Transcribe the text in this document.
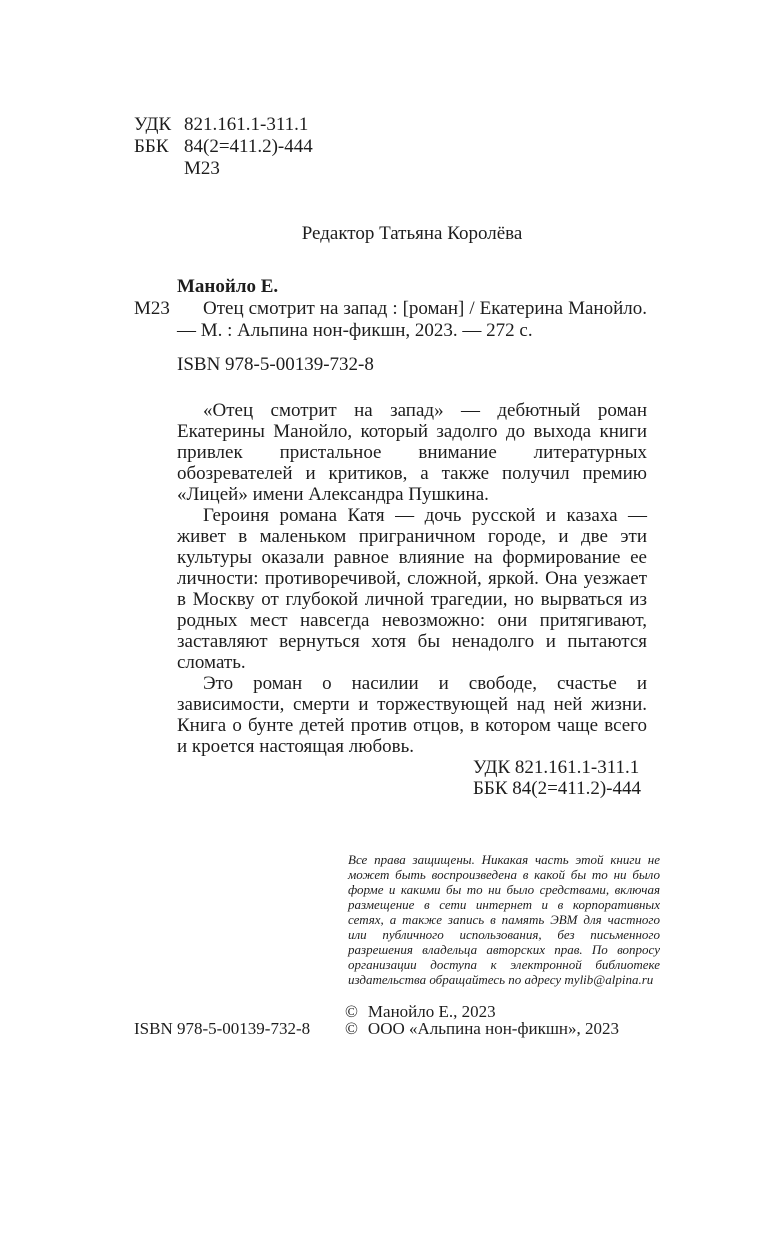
УДК 821.161.1-311.1
ББК 84(2=411.2)-444
М23
Редактор Татьяна Королёва
Манойло Е.
М23	Отец смотрит на запад : [роман] / Екатерина Манойло. — М. : Альпина нон-фикшн, 2023. — 272 с.

ISBN 978-5-00139-732-8

«Отец смотрит на запад» — дебютный роман Екатерины Манойло, который задолго до выхода книги привлек пристальное внимание литературных обозревателей и критиков, а также получил премию «Лицей» имени Александра Пушкина.

Героиня романа Катя — дочь русской и казаха — живет в маленьком приграничном городе, и две эти культуры оказали равное влияние на формирование ее личности: противоречивой, сложной, яркой. Она уезжает в Москву от глубокой личной трагедии, но вырваться из родных мест навсегда невозможно: они притягивают, заставляют вернуться хотя бы ненадолго и пытаются сломать.

Это роман о насилии и свободе, счастье и зависимости, смерти и торжествующей над ней жизни. Книга о бунте детей против отцов, в котором чаще всего и кроется настоящая любовь.

УДК 821.161.1-311.1
ББК 84(2=411.2)-444
Все права защищены. Никакая часть этой книги не может быть воспроизведена в какой бы то ни было форме и какими бы то ни было средствами, включая размещение в сети интернет и в корпоративных сетях, а также запись в память ЭВМ для частного или публичного использования, без письменного разрешения владельца авторских прав. По вопросу организации доступа к электронной библиотеке издательства обращайтесь по адресу mylib@alpina.ru
ISBN 978-5-00139-732-8
© Манойло Е., 2023
© ООО «Альпина нон-фикшн», 2023
